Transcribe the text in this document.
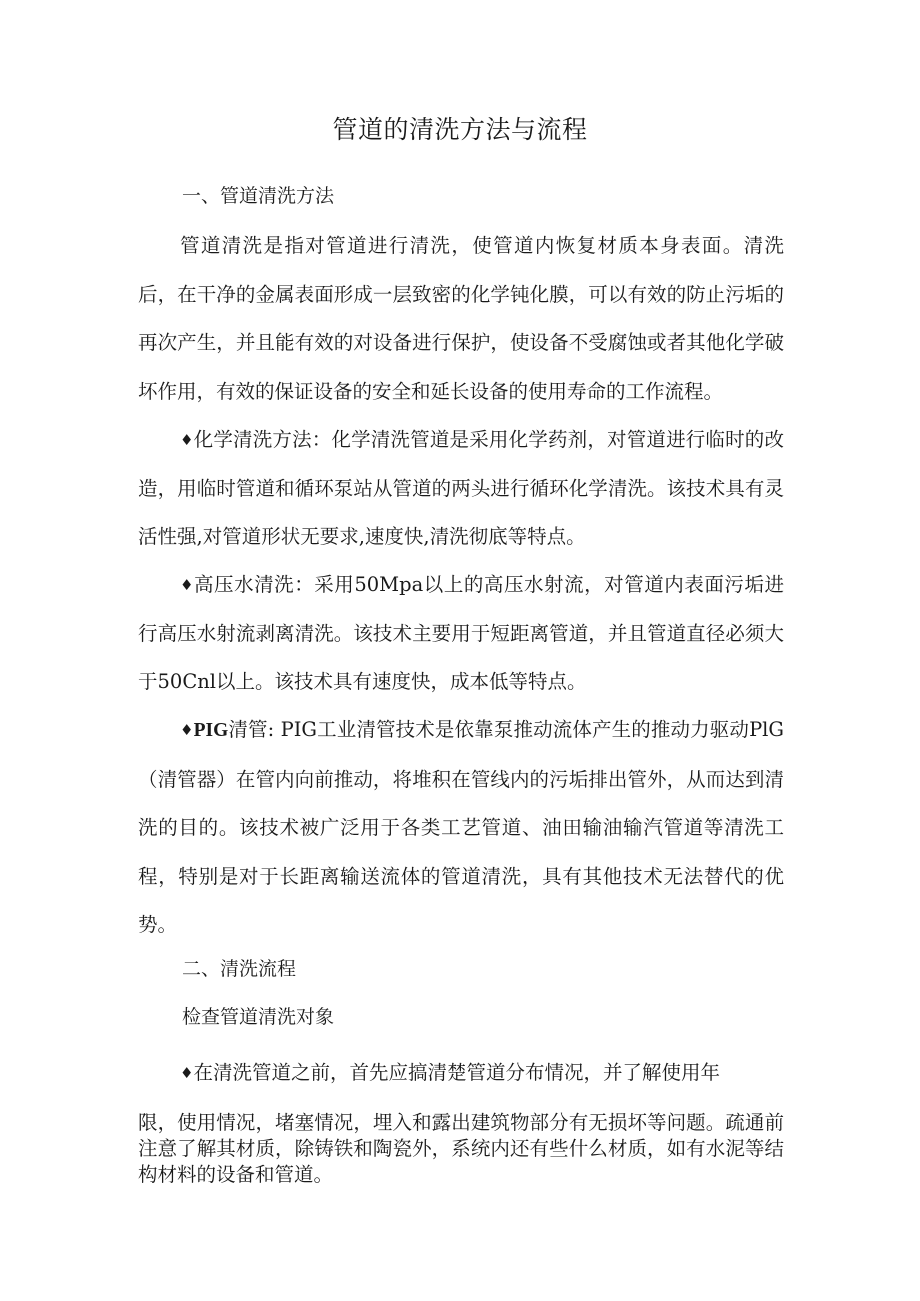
管道的清洗方法与流程

一、管道清洗方法

管道清洗是指对管道进行清洗，使管道内恢复材质本身表面。清洗后，在干净的金属表面形成一层致密的化学钝化膜，可以有效的防止污垢的再次产生，并且能有效的对设备进行保护，使设备不受腐蚀或者其他化学破坏作用，有效的保证设备的安全和延长设备的使用寿命的工作流程。

♦化学清洗方法：化学清洗管道是采用化学药剂，对管道进行临时的改造，用临时管道和循环泵站从管道的两头进行循环化学清洗。该技术具有灵活性强,对管道形状无要求,速度快,清洗彻底等特点。

♦高压水清洗：采用50Mpa以上的高压水射流，对管道内表面污垢进行高压水射流剥离清洗。该技术主要用于短距离管道，并且管道直径必须大于50Cnl以上。该技术具有速度快，成本低等特点。

♦PIG清管: PIG工业清管技术是依靠泵推动流体产生的推动力驱动PlG（清管器）在管内向前推动，将堆积在管线内的污垢排出管外，从而达到清洗的目的。该技术被广泛用于各类工艺管道、油田输油输汽管道等清洗工程，特别是对于长距离输送流体的管道清洗，具有其他技术无法替代的优势。

二、清洗流程

检查管道清洗对象

♦在清洗管道之前，首先应搞清楚管道分布情况，并了解使用年

限，使用情况，堵塞情况，埋入和露出建筑物部分有无损坏等问题。疏通前注意了解其材质，除铸铁和陶瓷外，系统内还有些什么材质，如有水泥等结构材料的设备和管道。
